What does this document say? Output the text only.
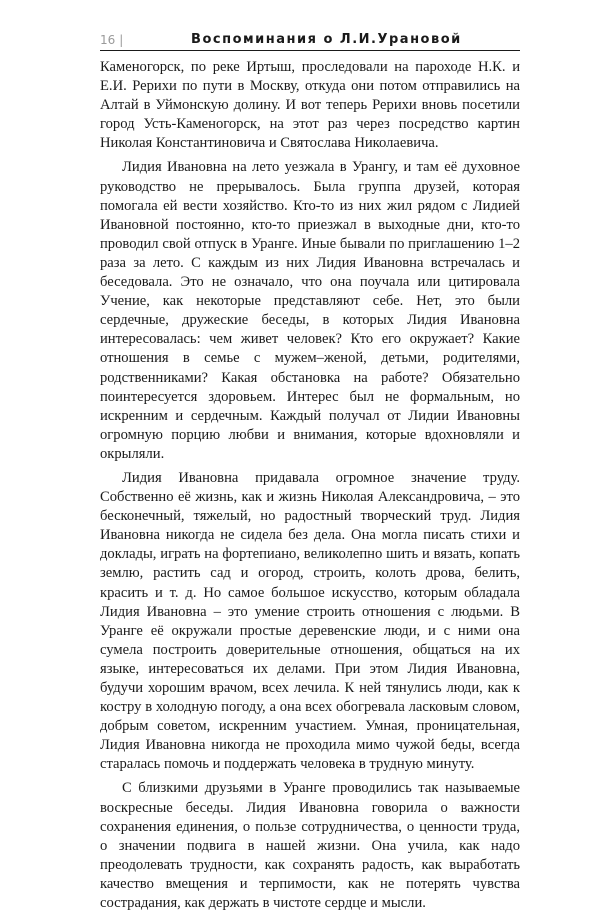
16 |	Воспоминания о Л.И.Урановой

Каменогорск, по реке Иртыш, проследовали на пароходе Н.К. и Е.И. Рерихи по пути в Москву, откуда они потом отправились на Алтай в Уймонскую долину. И вот теперь Рерихи вновь посетили город Усть-Каменогорск, на этот раз через посредство картин Николая Константиновича и Святослава Николаевича.

Лидия Ивановна на лето уезжала в Урангу, и там её духовное руководство не прерывалось. Была группа друзей, которая помогала ей вести хозяйство. Кто-то из них жил рядом с Лидией Ивановной постоянно, кто-то приезжал в выходные дни, кто-то проводил свой отпуск в Уранге. Иные бывали по приглашению 1–2 раза за лето. С каждым из них Лидия Ивановна встречалась и беседовала. Это не означало, что она поучала или цитировала Учение, как некоторые представляют себе. Нет, это были сердечные, дружеские беседы, в которых Лидия Ивановна интересовалась: чем живет человек? Кто его окружает? Какие отношения в семье с мужем–женой, детьми, родителями, родственниками? Какая обстановка на работе? Обязательно поинтересуется здоровьем. Интерес был не формальным, но искренним и сердечным. Каждый получал от Лидии Ивановны огромную порцию любви и внимания, которые вдохновляли и окрыляли.

Лидия Ивановна придавала огромное значение труду. Собственно её жизнь, как и жизнь Николая Александровича, – это бесконечный, тяжелый, но радостный творческий труд. Лидия Ивановна никогда не сидела без дела. Она могла писать стихи и доклады, играть на фортепиано, великолепно шить и вязать, копать землю, растить сад и огород, строить, колоть дрова, белить, красить и т. д. Но самое большое искусство, которым обладала Лидия Ивановна – это умение строить отношения с людьми. В Уранге её окружали простые деревенские люди, и с ними она сумела построить доверительные отношения, общаться на их языке, интересоваться их делами. При этом Лидия Ивановна, будучи хорошим врачом, всех лечила. К ней тянулись люди, как к костру в холодную погоду, а она всех обогревала ласковым словом, добрым советом, искренним участием. Умная, проницательная, Лидия Ивановна никогда не проходила мимо чужой беды, всегда старалась помочь и поддержать человека в трудную минуту.

С близкими друзьями в Уранге проводились так называемые воскресные беседы. Лидия Ивановна говорила о важности сохранения единения, о пользе сотрудничества, о ценности труда, о значении подвига в нашей жизни. Она учила, как надо преодолевать трудности, как сохранять радость, как выработать качество вмещения и терпимости, как не потерять чувства сострадания, как держать в чистоте сердце и мысли.
